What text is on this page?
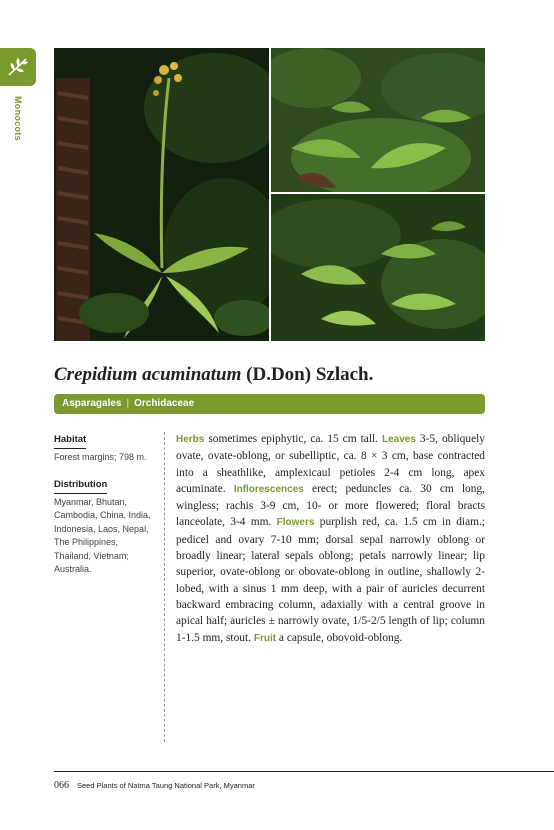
Monocots
Crepidium acuminatum (D.Don) Szlach.
Asparagales | Orchidaceae
Habitat
Forest margins; 798 m.
Distribution
Myanmar, Bhutan, Cambodia, China, India, Indonesia, Laos, Nepal, The Philippines, Thailand, Vietnam; Australia.
Herbs sometimes epiphytic, ca. 15 cm tall. Leaves 3-5, obliquely ovate, ovate-oblong, or subelliptic, ca. 8 × 3 cm, base contracted into a sheathlike, amplexicaul petioles 2-4 cm long, apex acuminate. Inflorescences erect; peduncles ca. 30 cm long, wingless; rachis 3-9 cm, 10- or more flowered; floral bracts lanceolate, 3-4 mm. Flowers purplish red, ca. 1.5 cm in diam.; pedicel and ovary 7-10 mm; dorsal sepal narrowly oblong or broadly linear; lateral sepals oblong; petals narrowly linear; lip superior, ovate-oblong or obovate-oblong in outline, shallowly 2-lobed, with a sinus 1 mm deep, with a pair of auricles decurrent backward embracing column, adaxially with a central groove in apical half; auricles ± narrowly ovate, 1/5-2/5 length of lip; column 1-1.5 mm, stout. Fruit a capsule, obovoid-oblong.
066 Seed Plants of Natma Taung National Park, Myanmar
